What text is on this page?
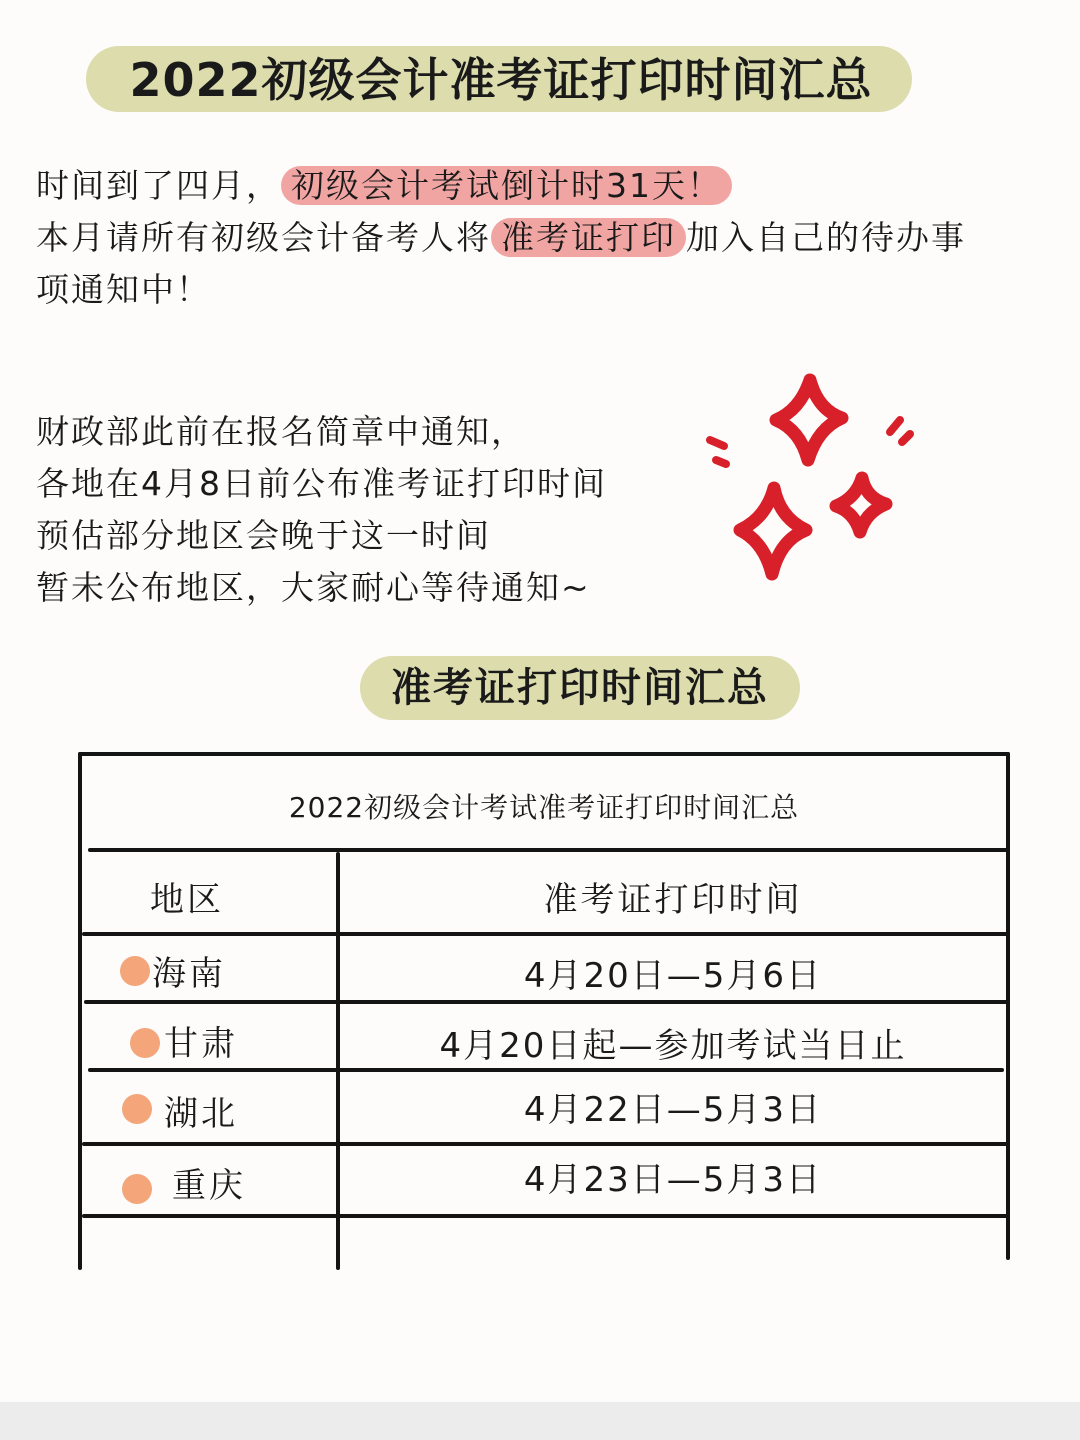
2022初级会计准考证打印时间汇总
时间到了四月， 初级会计考试倒计时31天！
本月请所有初级会计备考人将 准考证打印 加入自己的待办事
项通知中！
财政部此前在报名简章中通知，
各地在4月8日前公布准考证打印时间
预估部分地区会晚于这一时间
暂未公布地区，大家耐心等待通知~
准考证打印时间汇总
2022初级会计考试准考证打印时间汇总
地区	准考证打印时间
海南	4月20日—5月6日
甘肃	4月20日起—参加考试当日止
湖北	4月22日—5月3日
重庆	4月23日—5月3日
